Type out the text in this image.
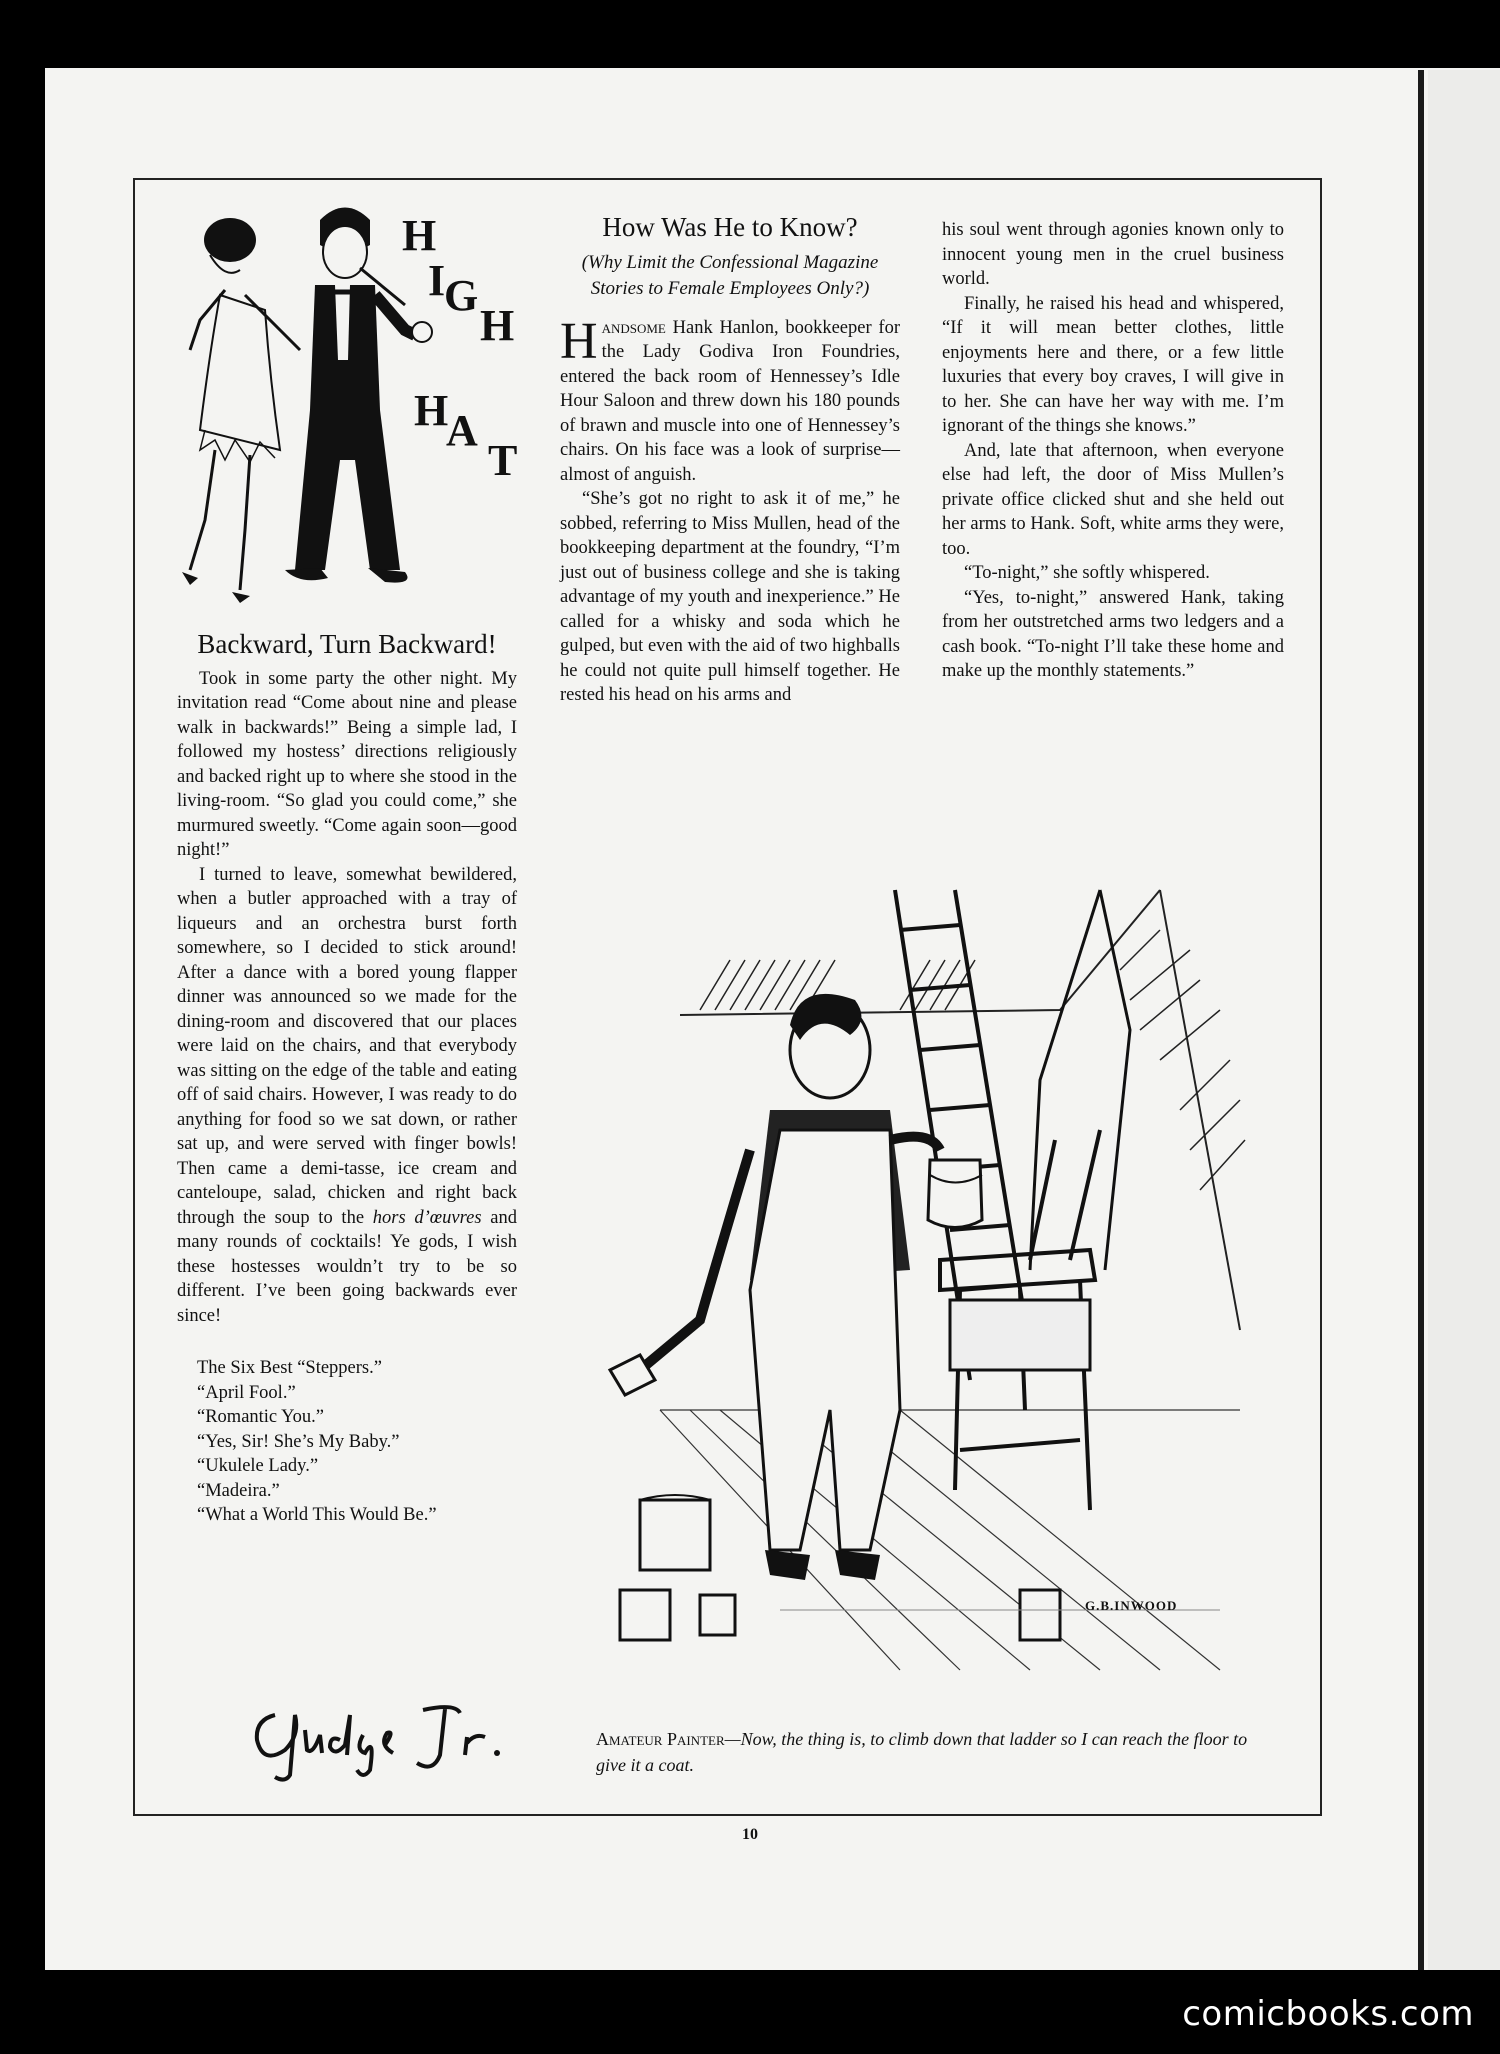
H
I
G
H
H
A
T
Backward, Turn Backward!

Took in some party the other night. My invitation read “Come about nine and please walk in backwards!” Being a simple lad, I followed my hostess’ directions religiously and backed right up to where she stood in the living-room. “So glad you could come,” she murmured sweetly. “Come again soon—good night!”

I turned to leave, somewhat bewildered, when a butler approached with a tray of liqueurs and an orchestra burst forth somewhere, so I decided to stick around! After a dance with a bored young flapper dinner was announced so we made for the dining-room and discovered that our places were laid on the chairs, and that everybody was sitting on the edge of the table and eating off of said chairs. However, I was ready to do anything for food so we sat down, or rather sat up, and were served with finger bowls! Then came a demi-tasse, ice cream and canteloupe, salad, chicken and right back through the soup to the hors d’œuvres and many rounds of cocktails! Ye gods, I wish these hostesses wouldn’t try to be so different. I’ve been going backwards ever since!

The Six Best “Steppers.”
“April Fool.”
“Romantic You.”
“Yes, Sir! She’s My Baby.”
“Ukulele Lady.”
“Madeira.”
“What a World This Would Be.”
How Was He to Know?
(Why Limit the Confessional Magazine Stories to Female Employees Only?)

Handsome Hank Hanlon, bookkeeper for the Lady Godiva Iron Foundries, entered the back room of Hennessey’s Idle Hour Saloon and threw down his 180 pounds of brawn and muscle into one of Hennessey’s chairs. On his face was a look of surprise—almost of anguish.

“She’s got no right to ask it of me,” he sobbed, referring to Miss Mullen, head of the bookkeeping department at the foundry, “I’m just out of business college and she is taking advantage of my youth and inexperience.” He called for a whisky and soda which he gulped, but even with the aid of two highballs he could not quite pull himself together. He rested his head on his arms and

his soul went through agonies known only to innocent young men in the cruel business world.

Finally, he raised his head and whispered, “If it will mean better clothes, little enjoyments here and there, or a few little luxuries that every boy craves, I will give in to her. She can have her way with me. I’m ignorant of the things she knows.”

And, late that afternoon, when everyone else had left, the door of Miss Mullen’s private office clicked shut and she held out her arms to Hank. Soft, white arms they were, too.

“To-night,” she softly whispered.

“Yes, to-night,” answered Hank, taking from her outstretched arms two ledgers and a cash book. “To-night I’ll take these home and make up the monthly statements.”

G.B.INWOOD
Amateur Painter—Now, the thing is, to climb down that ladder so I can reach the floor to give it a coat.
10
comicbooks.com
